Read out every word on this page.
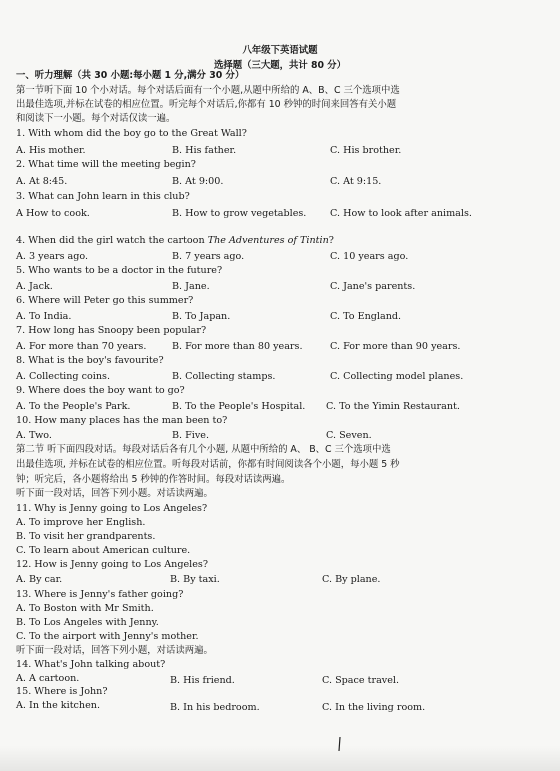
八年级下英语试题
选择题（三大题，共计 80 分）
一、听力理解（共 30 小题:每小题 1 分,满分 30 分）
第一节听下面 10 个小对话。每个对话后面有一个小题,从题中所给的 A、B、C 三个选项中选
出最佳选项,并标在试卷的相应位置。听完每个对话后,你都有 10 秒钟的时间来回答有关小题
和阅读下一小题。每个对话仅读一遍。
1. With whom did the boy go to the Great Wall?
A. His mother.	B. His father.	C. His brother.
2. What time will the meeting begin?
A. At 8:45.	B. At 9:00.	C. At 9:15.
3. What can John learn in this club?
A How to cook.	B. How to grow vegetables. C. How to look after animals.
4. When did the girl watch the cartoon The Adventures of Tintin?
A. 3 years ago.	B. 7 years ago.	C. 10 years ago.
5. Who wants to be a doctor in the future?
A. Jack.	B. Jane.	C. Jane's parents.
6. Where will Peter go this summer?
A. To India.	B. To Japan.	C. To England.
7. How long has Snoopy been popular?
A. For more than 70 years.	B. For more than 80 years.	C. For more than 90 years.
8. What is the boy's favourite?
A. Collecting coins.	B. Collecting stamps.	C. Collecting model planes.
9. Where does the boy want to go?
A. To the People's Park.	B. To the People's Hospital. C. To the Yimin Restaurant.
10. How many places has the man been to?
A. Two.	B. Five.	C. Seven.
第二节 听下面四段对话。每段对话后各有几个小题, 从题中所给的 A、 B、C 三个选项中选
出最佳选项, 并标在试卷的相应位置。听每段对话前，你都有时间阅读各个小题，每小题 5 秒
钟；听完后，各小题将给出 5 秒钟的作答时间。每段对话读两遍。
听下面一段对话，回答下列小题。对话读两遍。
11. Why is Jenny going to Los Angeles?
A. To improve her English.
B. To visit her grandparents.
C. To learn about American culture.
12. How is Jenny going to Los Angeles?
A. By car.	B. By taxi.	C. By plane.
13. Where is Jenny's father going?
A. To Boston with Mr Smith.
B. To Los Angeles with Jenny.
C. To the airport with Jenny's mother.
听下面一段对话，回答下列小题，对话读两遍。
14. What's John talking about?
A. A cartoon.	B. His friend.	C. Space travel.
15. Where is John?
A. In the kitchen.	B. In his bedroom.	C. In the living room.
